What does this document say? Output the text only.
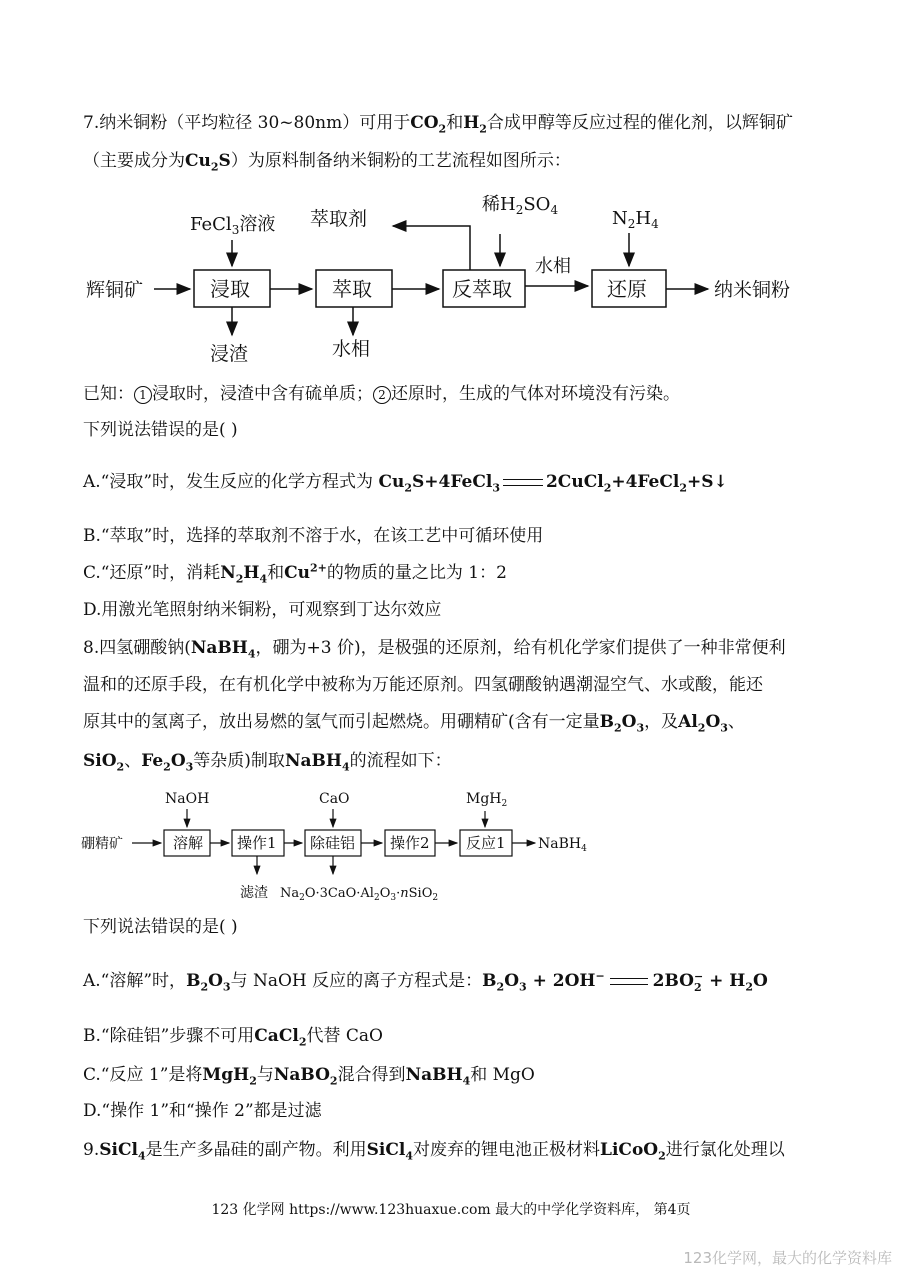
7.纳米铜粉（平均粒径 30~80nm）可用于$CO_2$和$H_2$合成甲醇等反应过程的催化剂，以辉铜矿
（主要成分为$Cu_2S$）为原料制备纳米铜粉的工艺流程如图所示：
辉铜矿
FeCl$_3$溶液
浸取
浸渣
萃取剂
萃取
水相
稀$H_2SO_4$
反萃取
水相
$N_2H_4$
还原	纳米铜粉
已知： 1 浸取时，浸渣中含有硫单质； 2 还原时，生成的气体对环境没有污染。
下列说法错误的是( )
A.“浸取”时，发生反应的化学方程式为 $Cu_2S+4FeCl_3$	2CuCl$_2$+4FeCl$_2$+S↓
B.“萃取”时，选择的萃取剂不溶于水，在该工艺中可循环使用
C.“还原”时，消耗$N_2H_4$和$Cu^{2+}$的物质的量之比为 1：2
D.用激光笔照射纳米铜粉，可观察到丁达尔效应
8.四氢硼酸钠(NaBH$_4$，硼为+3 价)，是极强的还原剂，给有机化学家们提供了一种非常便利
温和的还原手段，在有机化学中被称为万能还原剂。四氢硼酸钠遇潮湿空气、水或酸，能还
原其中的氢离子，放出易燃的氢气而引起燃烧。用硼精矿(含有一定量$B_2O_3$，及$Al_2O_3$、
SiO$_2$、$Fe_2O_3$等杂质)制取NaBH$_4$的流程如下：
硼精矿
NaOH
溶解 操作1
滤渣
CaO
除硅铝
$Na_2O\cdot 3CaO\cdot Al_2O_3\cdot nSiO_2$
操作2
MgH$_2$
反应1 NaBH$_4$
下列说法错误的是( )
A.“溶解”时，$B_2O_3$与 NaOH 反应的离子方程式是：$B_2O_3 + 2OH^-$	2BO −
$2 + H_2O$
B.“除硅铝”步骤不可用CaCl$_2$代替 CaO
C.“反应 1”是将MgH$_2$与NaBO$_2$混合得到NaBH$_4$和 MgO
D.“操作 1”和“操作 2”都是过滤
9.SiCl$_4$是生产多晶硅的副产物。利用SiCl$_4$对废弃的锂电池正极材料LiCoO$_2$进行氯化处理以
123 化学网 https://www.123huaxue.com 最大的中学化学资料库， 第4页
123化学网，最大的化学资料库
